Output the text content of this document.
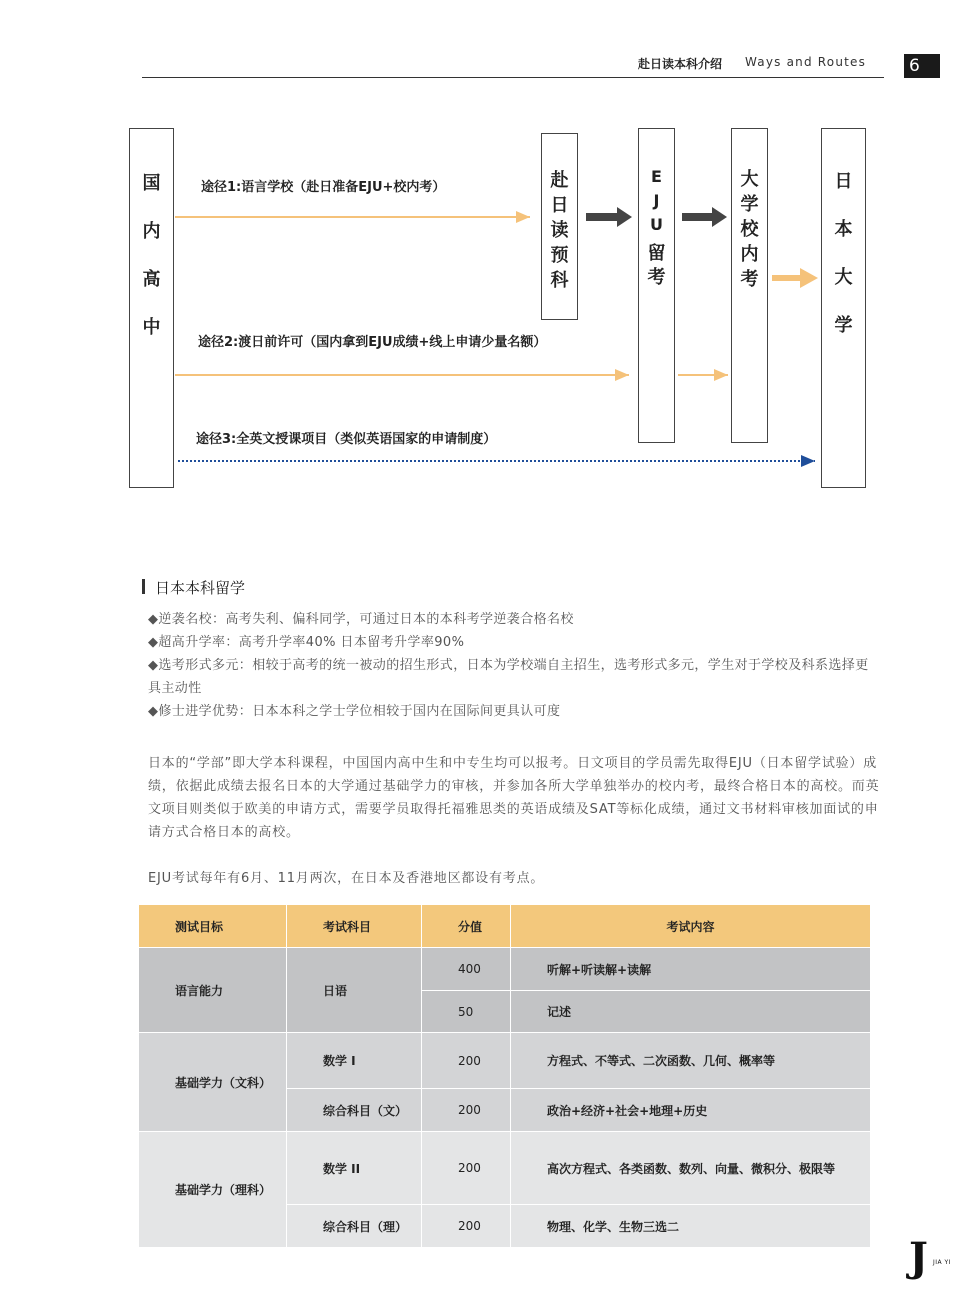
赴日读本科介绍 Ways and Routes	6
国
内
高
中
赴
日
读
预
科
E
J
U
留
考
大
学
校
内
考
日
本
大
学
途径1:语言学校（赴日准备EJU+校内考）
途径2:渡日前许可（国内拿到EJU成绩+线上申请少量名额）
途径3:全英文授课项目（类似英语国家的申请制度）
日本本科留学
◆逆袭名校：高考失利、偏科同学，可通过日本的本科考学逆袭合格名校
◆超高升学率：高考升学率40% 日本留考升学率90%
◆选考形式多元：相较于高考的统一被动的招生形式，日本为学校端自主招生，选考形式多元，学生对于学校及科系选择更具主动性
◆修士进学优势：日本本科之学士学位相较于国内在国际间更具认可度
日本的“学部”即大学本科课程，中国国内高中生和中专生均可以报考。日文项目的学员需先取得EJU（日本留学试验）成绩，依据此成绩去报名日本的大学通过基础学力的审核，并参加各所大学单独举办的校内考，最终合格日本的高校。而英文项目则类似于欧美的申请方式，需要学员取得托福雅思类的英语成绩及SAT等标化成绩，通过文书材料审核加面试的申请方式合格日本的高校。
EJU考试每年有6月、11月两次，在日本及香港地区都设有考点。
测试目标	考试科目	分值	考试内容
语言能力	日语
400	听解+听读解+读解
50	记述
基础学力（文科）
数学 I	200	方程式、不等式、二次函数、几何、概率等
综合科目（文）	200	政治+经济+社会+地理+历史
基础学力（理科）
数学 II	200	高次方程式、各类函数、数列、向量、微积分、极限等
综合科目（理）	200	物理、化学、生物三选二
J JIA YI
